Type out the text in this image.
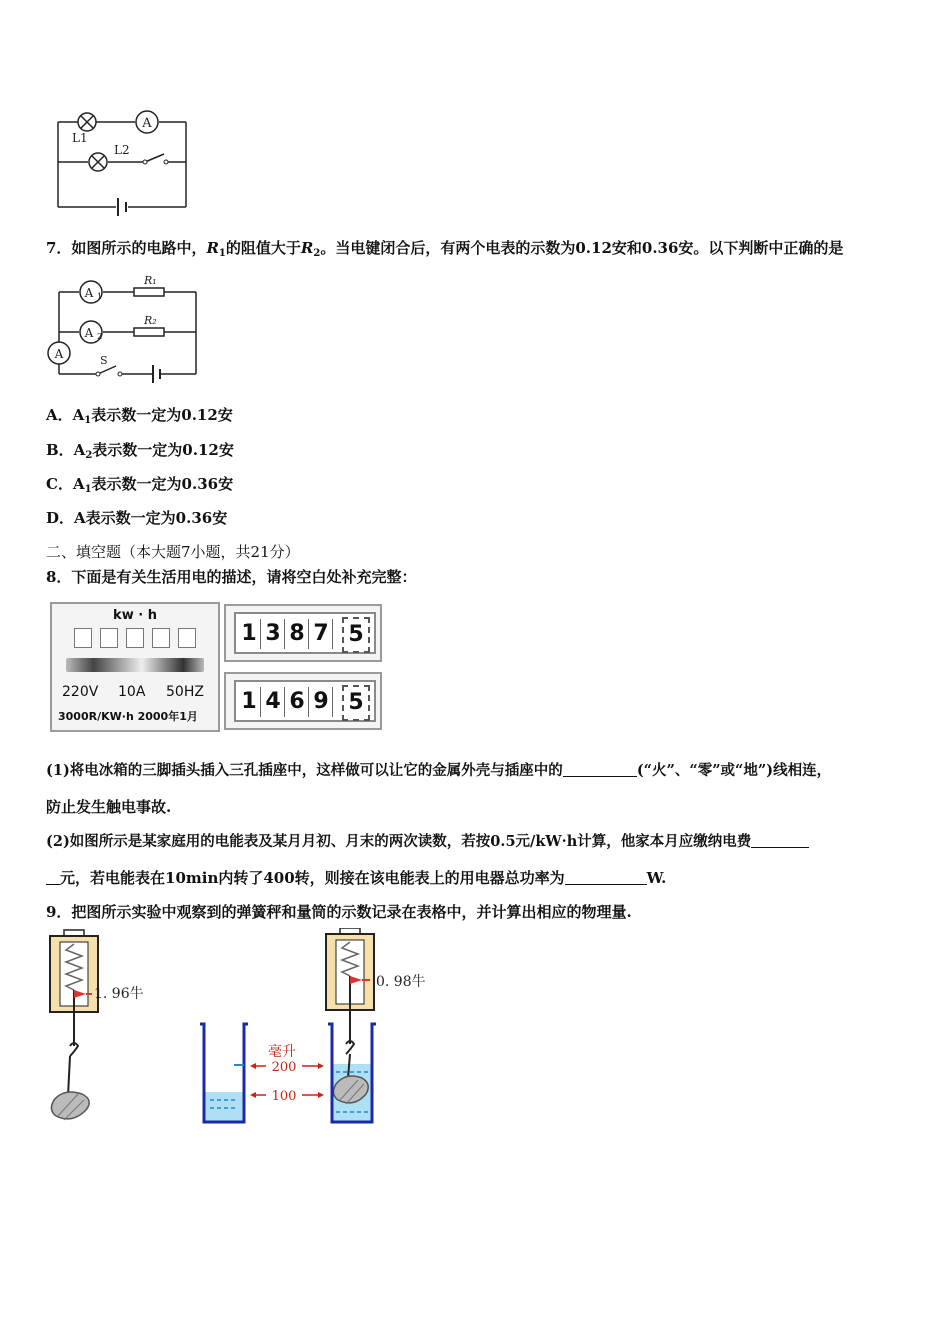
A
L1
L2
7．如图所示的电路中，$R_1$的阻值大于$R_2$。当电键闭合后，有两个电表的示数为0.12安和0.36安。以下判断中正确的是
A 1
A 2
A
R₁
R₂
S
A．$A_1$表示数一定为0.12安
B．$A_2$表示数一定为0.12安
C．$A_1$表示数一定为0.36安
D．A表示数一定为0.36安
二、填空题（本大题7小题，共21分）
8．下面是有关生活用电的描述，请将空白处补充完整：
kw · h
220V 10A 50HZ
3000R/KW·h 2000年1月
1 3 8 7 5
1 4 6 9 5
(1)将电冰箱的三脚插头插入三孔插座中，这样做可以让它的金属外壳与插座中的	(“火”、“零”或“地”)线相连，
防止发生触电事故.
(2)如图所示是某家庭用的电能表及某月月初、月末的两次读数，若按0.5元/kW·h计算，他家本月应缴纳电费
元，若电能表在10min内转了400转，则接在该电能表上的用电器总功率为	W.
9．把图所示实验中观察到的弹簧秤和量筒的示数记录在表格中，并计算出相应的物理量.
1. 96牛
毫升
200
100
0. 98牛
